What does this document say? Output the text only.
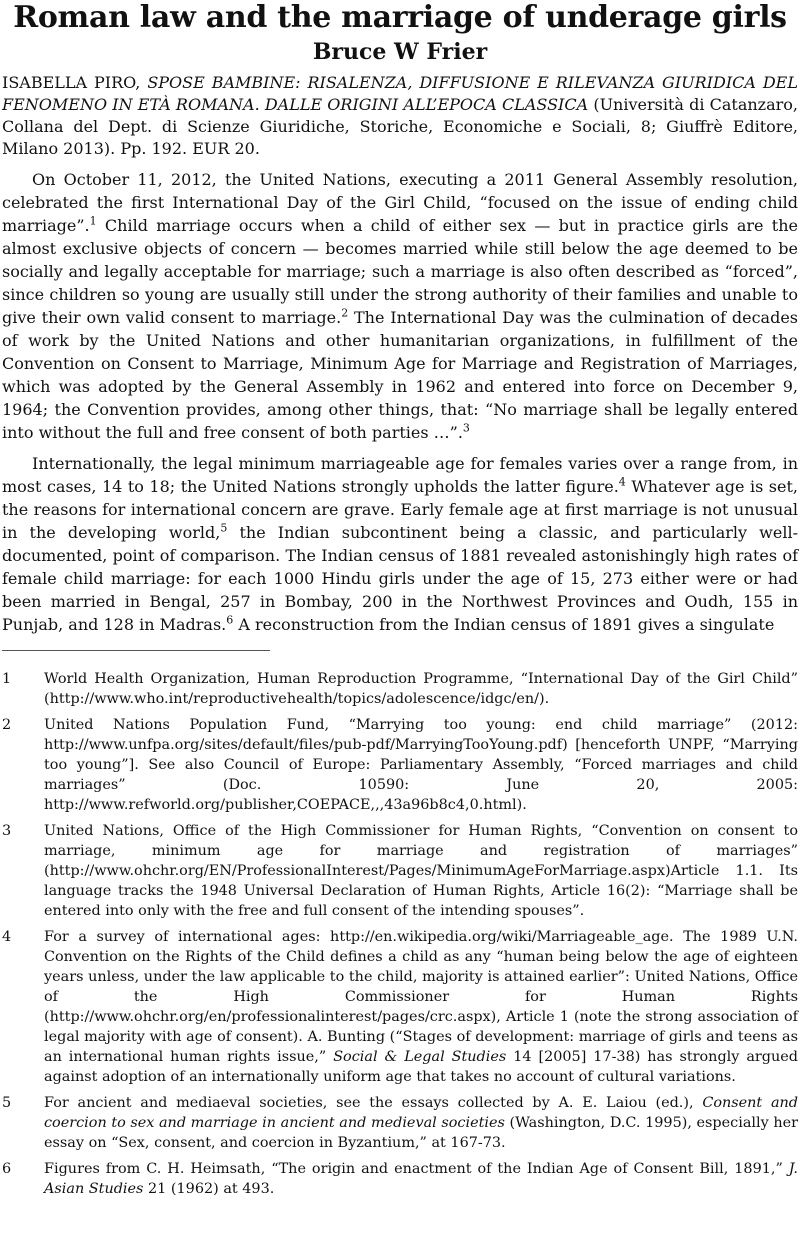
Roman law and the marriage of underage girls
Bruce W Frier

ISABELLA PIRO, SPOSE BAMBINE: RISALENZA, DIFFUSIONE E RILEVANZA GIURIDICA DEL FENOMENO IN ETÀ ROMANA. DALLE ORIGINI ALL’EPOCA CLASSICA (Università di Catanzaro, Collana del Dept. di Scienze Giuridiche, Storiche, Economiche e Sociali, 8; Giuffrè Editore, Milano 2013). Pp. 192. EUR 20.

On October 11, 2012, the United Nations, executing a 2011 General Assembly resolution, celebrated the first International Day of the Girl Child, “focused on the issue of ending child marriage”.$^1$ Child marriage occurs when a child of either sex — but in practice girls are the almost exclusive objects of concern — becomes married while still below the age deemed to be socially and legally acceptable for marriage; such a marriage is also often described as “forced”, since children so young are usually still under the strong authority of their families and unable to give their own valid consent to marriage.$^2$ The International Day was the culmination of decades of work by the United Nations and other humanitarian organizations, in fulfillment of the Convention on Consent to Marriage, Minimum Age for Marriage and Registration of Marriages, which was adopted by the General Assembly in 1962 and entered into force on December 9, 1964; the Convention provides, among other things, that: “No marriage shall be legally entered into without the full and free consent of both parties …”.$^3$

Internationally, the legal minimum marriageable age for females varies over a range from, in most cases, 14 to 18; the United Nations strongly upholds the latter figure.$^4$ Whatever age is set, the reasons for international concern are grave. Early female age at first marriage is not unusual in the developing world,$^5$ the Indian subcontinent being a classic, and particularly well-documented, point of comparison. The Indian census of 1881 revealed astonishingly high rates of female child marriage: for each 1000 Hindu girls under the age of 15, 273 either were or had been married in Bengal, 257 in Bombay, 200 in the Northwest Provinces and Oudh, 155 in Punjab, and 128 in Madras.$^6$ A reconstruction from the Indian census of 1891 gives a singulate

1	World Health Organization, Human Reproduction Programme, “International Day of the Girl Child” (http://www.who.int/reproductivehealth/topics/adolescence/idgc/en/).
2	United Nations Population Fund, “Marrying too young: end child marriage” (2012: http://www.unfpa.org/sites/default/files/pub-pdf/MarryingTooYoung.pdf) [henceforth UNPF, “Marrying too young”]. See also Council of Europe: Parliamentary Assembly, “Forced marriages and child marriages” (Doc. 10590: June 20, 2005: http://www.refworld.org/publisher,COEPACE,,,43a96b8c4,0.html).
3	United Nations, Office of the High Commissioner for Human Rights, “Convention on consent to marriage, minimum age for marriage and registration of marriages” (http://www.ohchr.org/EN/ProfessionalInterest/Pages/MinimumAgeForMarriage.aspx)Article 1.1. Its language tracks the 1948 Universal Declaration of Human Rights, Article 16(2): “Marriage shall be entered into only with the free and full consent of the intending spouses”.
4	For a survey of international ages: http://en.wikipedia.org/wiki/Marriageable_age. The 1989 U.N. Convention on the Rights of the Child defines a child as any “human being below the age of eighteen years unless, under the law applicable to the child, majority is attained earlier”: United Nations, Office of the High Commissioner for Human Rights (http://www.ohchr.org/en/professionalinterest/pages/crc.aspx), Article 1 (note the strong association of legal majority with age of consent). A. Bunting (“Stages of development: marriage of girls and teens as an international human rights issue,” Social & Legal Studies 14 [2005] 17-38) has strongly argued against adoption of an internationally uniform age that takes no account of cultural variations.
5	For ancient and mediaeval societies, see the essays collected by A. E. Laiou (ed.), Consent and coercion to sex and marriage in ancient and medieval societies (Washington, D.C. 1995), especially her essay on “Sex, consent, and coercion in Byzantium,” at 167-73.
6	Figures from C. H. Heimsath, “The origin and enactment of the Indian Age of Consent Bill, 1891,” J. Asian Studies 21 (1962) at 493.
